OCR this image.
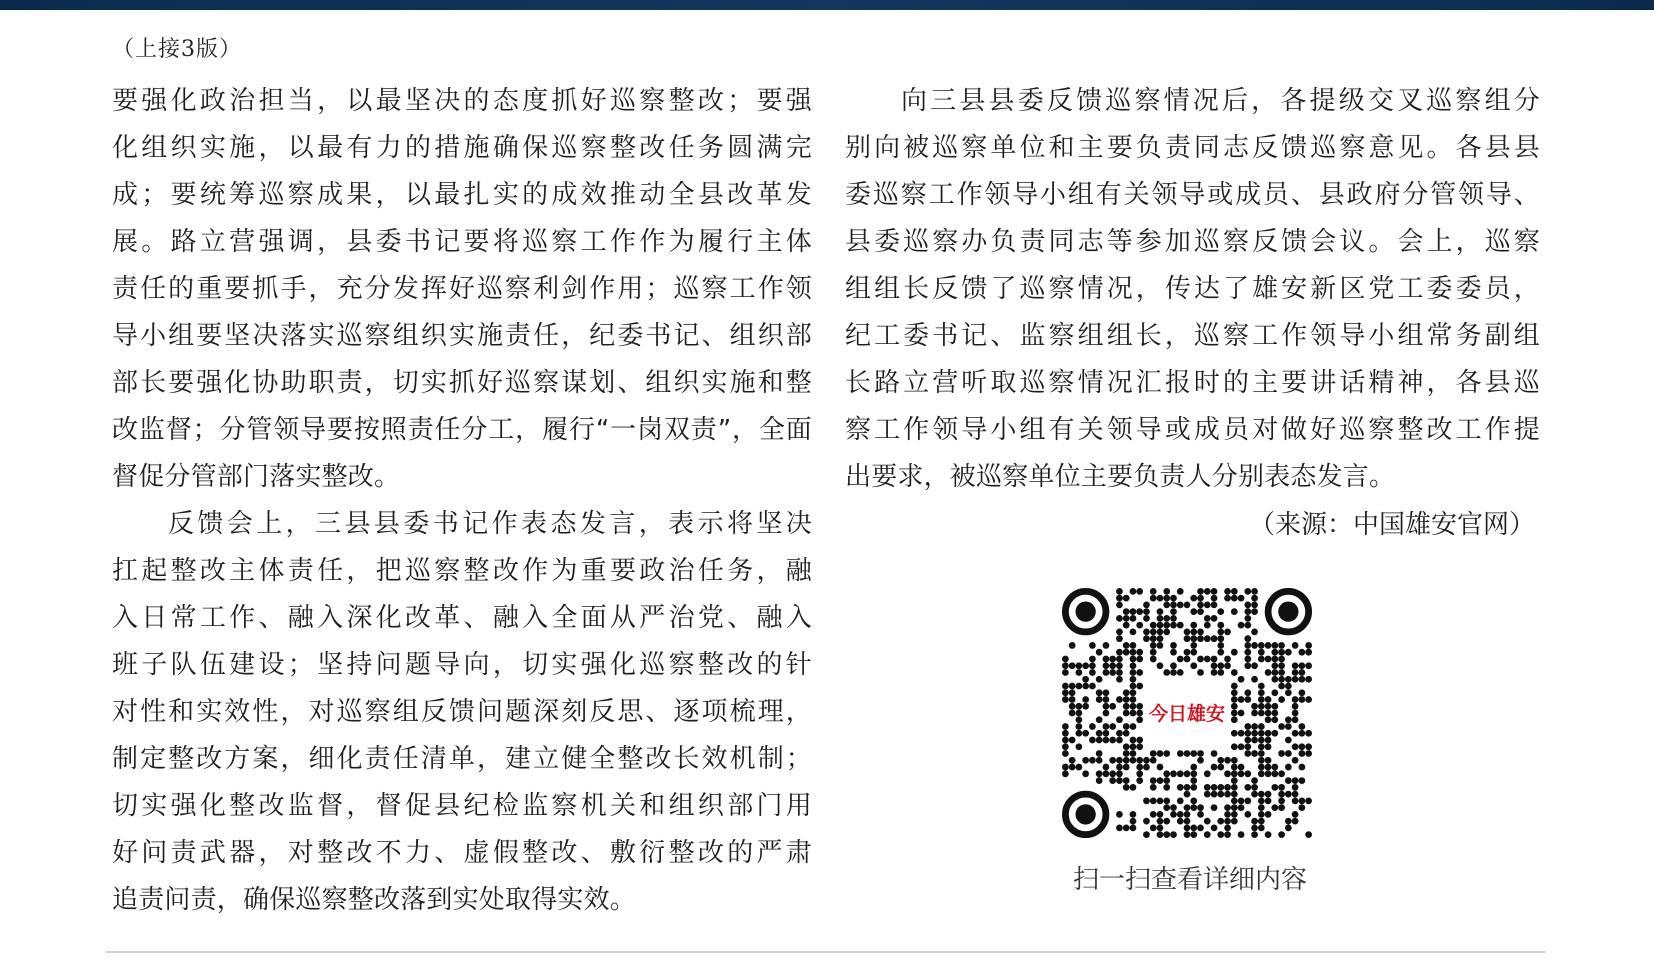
（上接3版）
要强化政治担当，以最坚决的态度抓好巡察整改；要强
化组织实施，以最有力的措施确保巡察整改任务圆满完
成；要统筹巡察成果，以最扎实的成效推动全县改革发
展。路立营强调，县委书记要将巡察工作作为履行主体
责任的重要抓手，充分发挥好巡察利剑作用；巡察工作领
导小组要坚决落实巡察组织实施责任，纪委书记、组织部
部长要强化协助职责，切实抓好巡察谋划、组织实施和整
改监督；分管领导要按照责任分工，履行“一岗双责”，全面
督促分管部门落实整改。
反馈会上，三县县委书记作表态发言，表示将坚决
扛起整改主体责任，把巡察整改作为重要政治任务，融
入日常工作、融入深化改革、融入全面从严治党、融入
班子队伍建设；坚持问题导向，切实强化巡察整改的针
对性和实效性，对巡察组反馈问题深刻反思、逐项梳理，
制定整改方案，细化责任清单，建立健全整改长效机制；
切实强化整改监督，督促县纪检监察机关和组织部门用
好问责武器，对整改不力、虚假整改、敷衍整改的严肃
追责问责，确保巡察整改落到实处取得实效。
向三县县委反馈巡察情况后，各提级交叉巡察组分
别向被巡察单位和主要负责同志反馈巡察意见。各县县
委巡察工作领导小组有关领导或成员、县政府分管领导、
县委巡察办负责同志等参加巡察反馈会议。会上，巡察
组组长反馈了巡察情况，传达了雄安新区党工委委员，
纪工委书记、监察组组长，巡察工作领导小组常务副组
长路立营听取巡察情况汇报时的主要讲话精神，各县巡
察工作领导小组有关领导或成员对做好巡察整改工作提
出要求，被巡察单位主要负责人分别表态发言。
（来源：中国雄安官网）
今日雄安
扫一扫查看详细内容
